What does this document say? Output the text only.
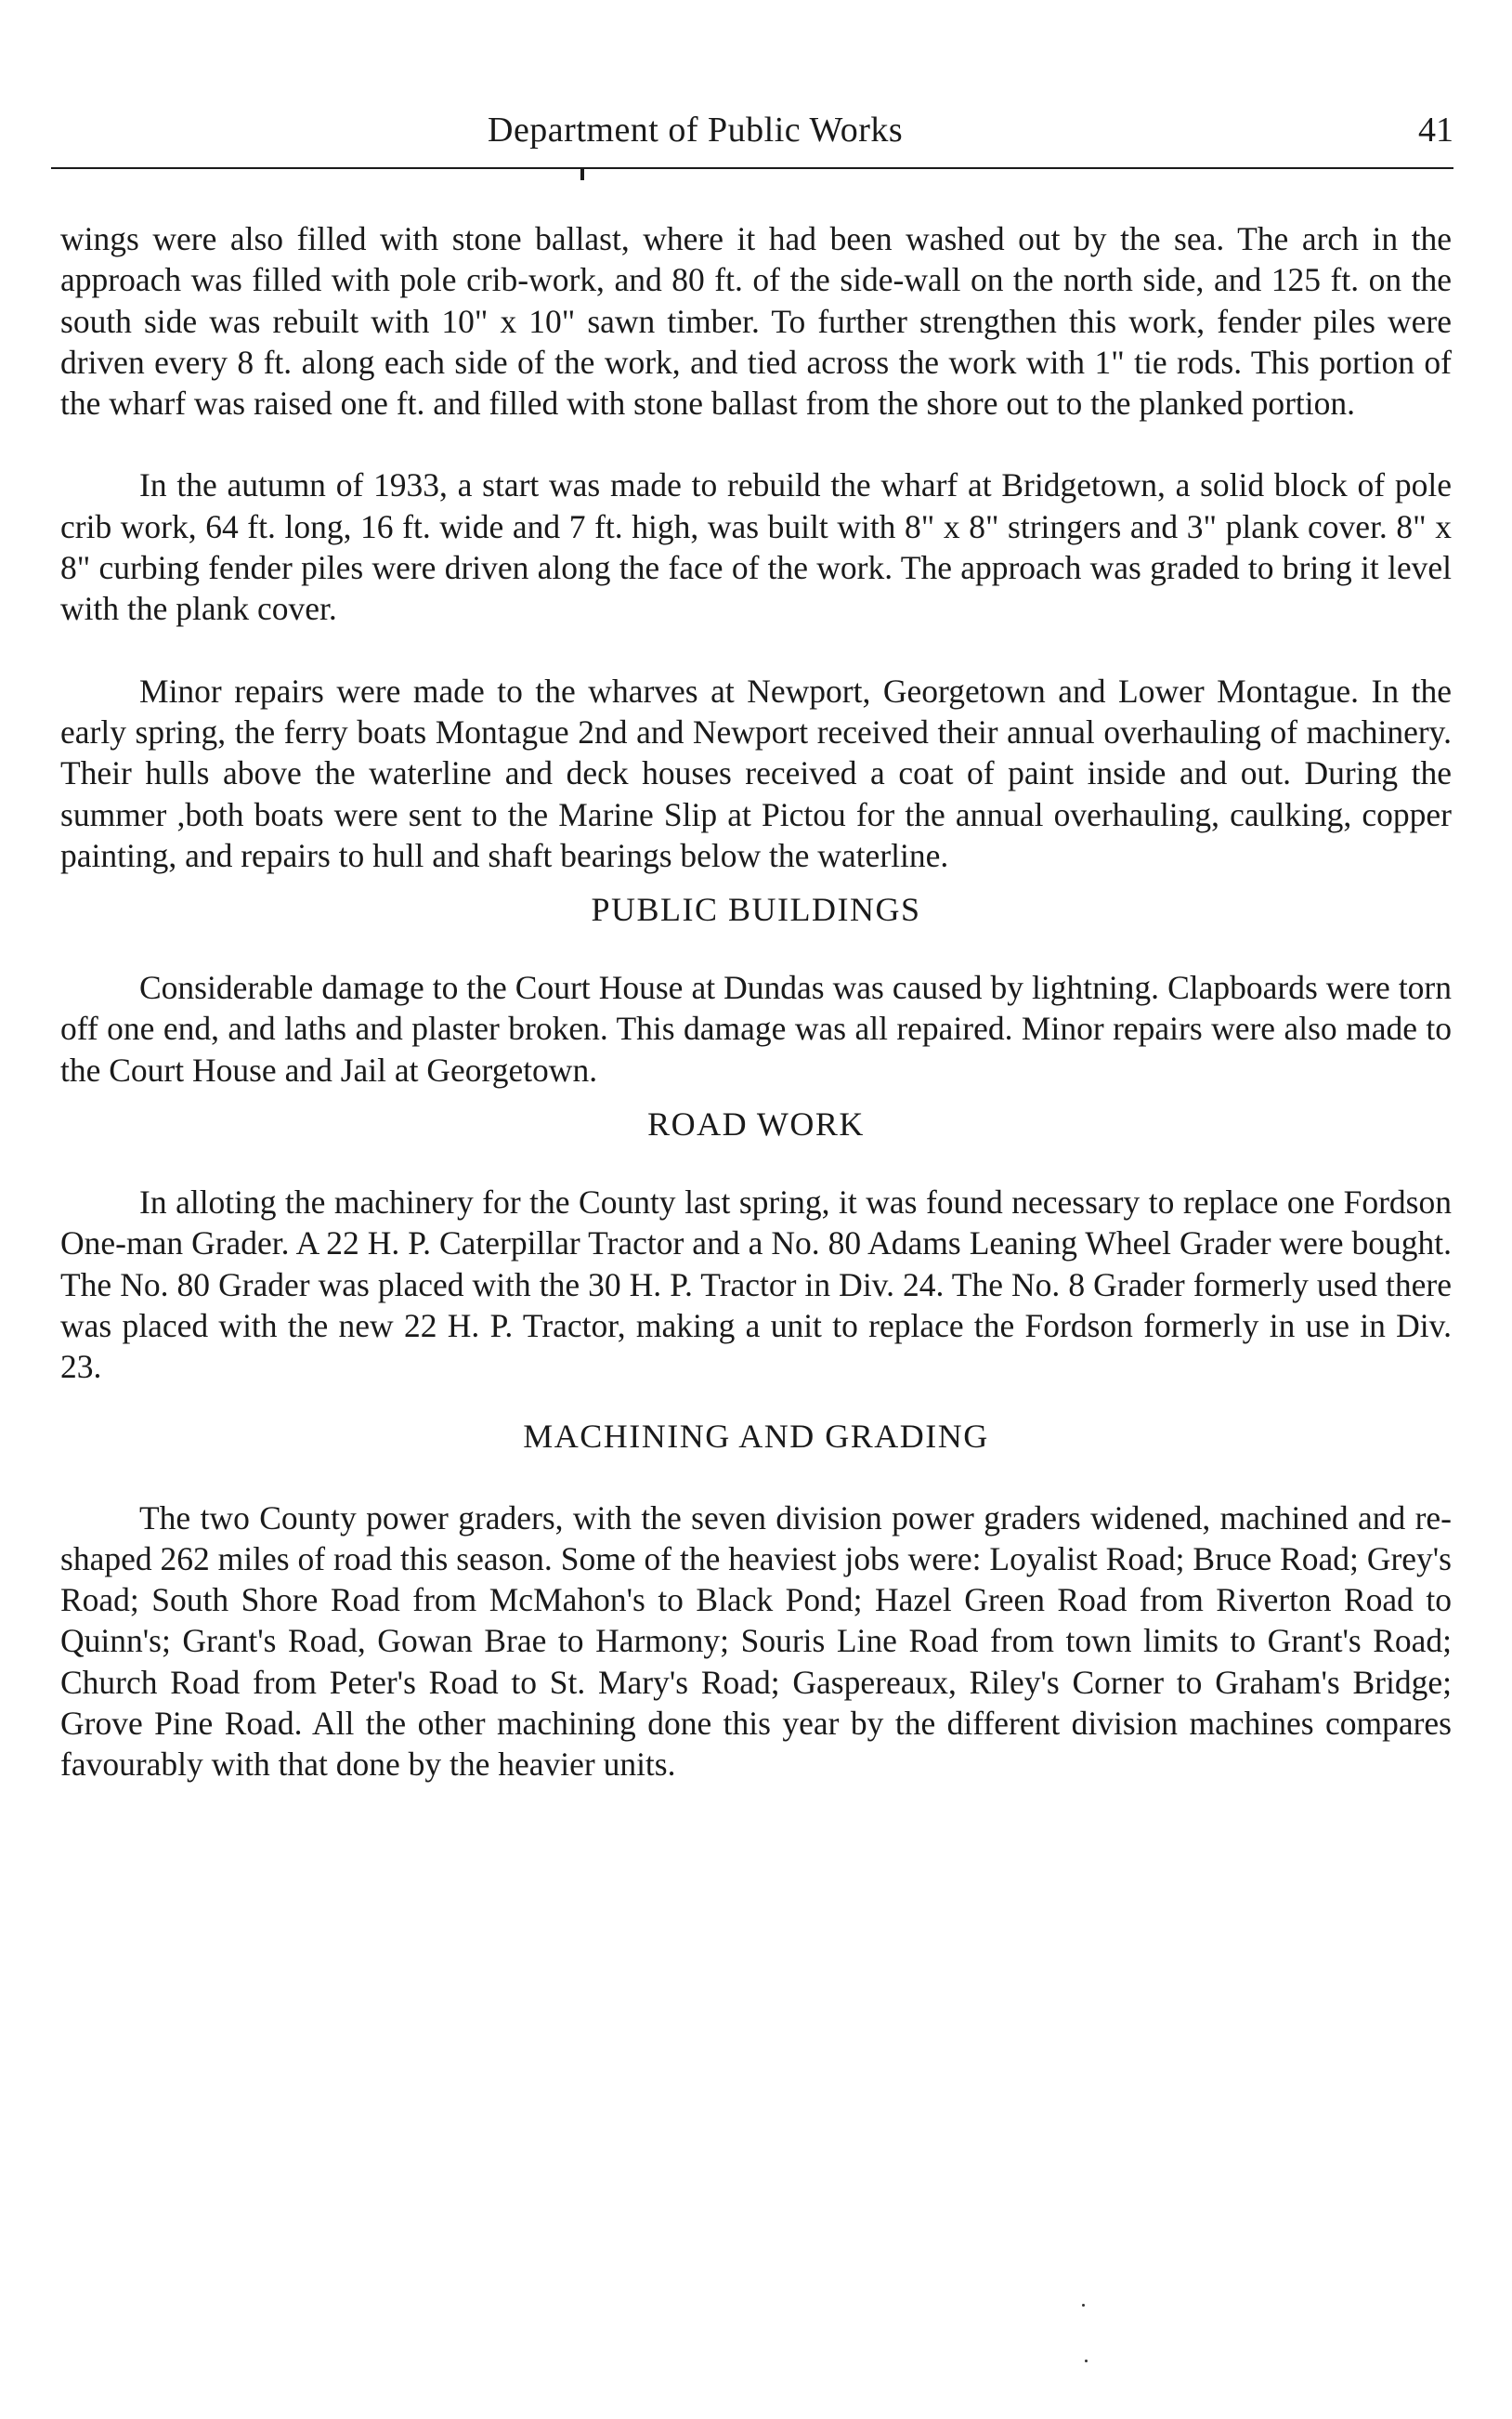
Department of Public Works	41

wings were also filled with stone ballast, where it had been washed out by the sea. The arch in the approach was filled with pole crib-work, and 80 ft. of the side-wall on the north side, and 125 ft. on the south side was rebuilt with 10" x 10" sawn timber. To further strengthen this work, fender piles were driven every 8 ft. along each side of the work, and tied across the work with 1" tie rods. This portion of the wharf was raised one ft. and filled with stone ballast from the shore out to the planked portion.

In the autumn of 1933, a start was made to rebuild the wharf at Bridgetown, a solid block of pole crib work, 64 ft. long, 16 ft. wide and 7 ft. high, was built with 8" x 8" stringers and 3" plank cover. 8" x 8" curbing fender piles were driven along the face of the work. The approach was graded to bring it level with the plank cover.

Minor repairs were made to the wharves at Newport, Georgetown and Lower Montague. In the early spring, the ferry boats Montague 2nd and Newport received their annual overhauling of machinery. Their hulls above the waterline and deck houses received a coat of paint inside and out. During the summer ,both boats were sent to the Marine Slip at Pictou for the annual overhauling, caulking, copper painting, and repairs to hull and shaft bearings below the waterline.

PUBLIC BUILDINGS

Considerable damage to the Court House at Dundas was caused by lightning. Clapboards were torn off one end, and laths and plaster broken. This damage was all repaired. Minor repairs were also made to the Court House and Jail at Georgetown.

ROAD WORK

In alloting the machinery for the County last spring, it was found necessary to replace one Fordson One-man Grader. A 22 H. P. Caterpillar Tractor and a No. 80 Adams Leaning Wheel Grader were bought. The No. 80 Grader was placed with the 30 H. P. Tractor in Div. 24. The No. 8 Grader formerly used there was placed with the new 22 H. P. Tractor, making a unit to replace the Fordson formerly in use in Div. 23.

MACHINING AND GRADING

The two County power graders, with the seven division power graders widened, machined and re-shaped 262 miles of road this season. Some of the heaviest jobs were: Loyalist Road; Bruce Road; Grey's Road; South Shore Road from McMahon's to Black Pond; Hazel Green Road from Riverton Road to Quinn's; Grant's Road, Gowan Brae to Harmony; Souris Line Road from town limits to Grant's Road; Church Road from Peter's Road to St. Mary's Road; Gaspereaux, Riley's Corner to Graham's Bridge; Grove Pine Road. All the other machining done this year by the different division machines compares favourably with that done by the heavier units.
